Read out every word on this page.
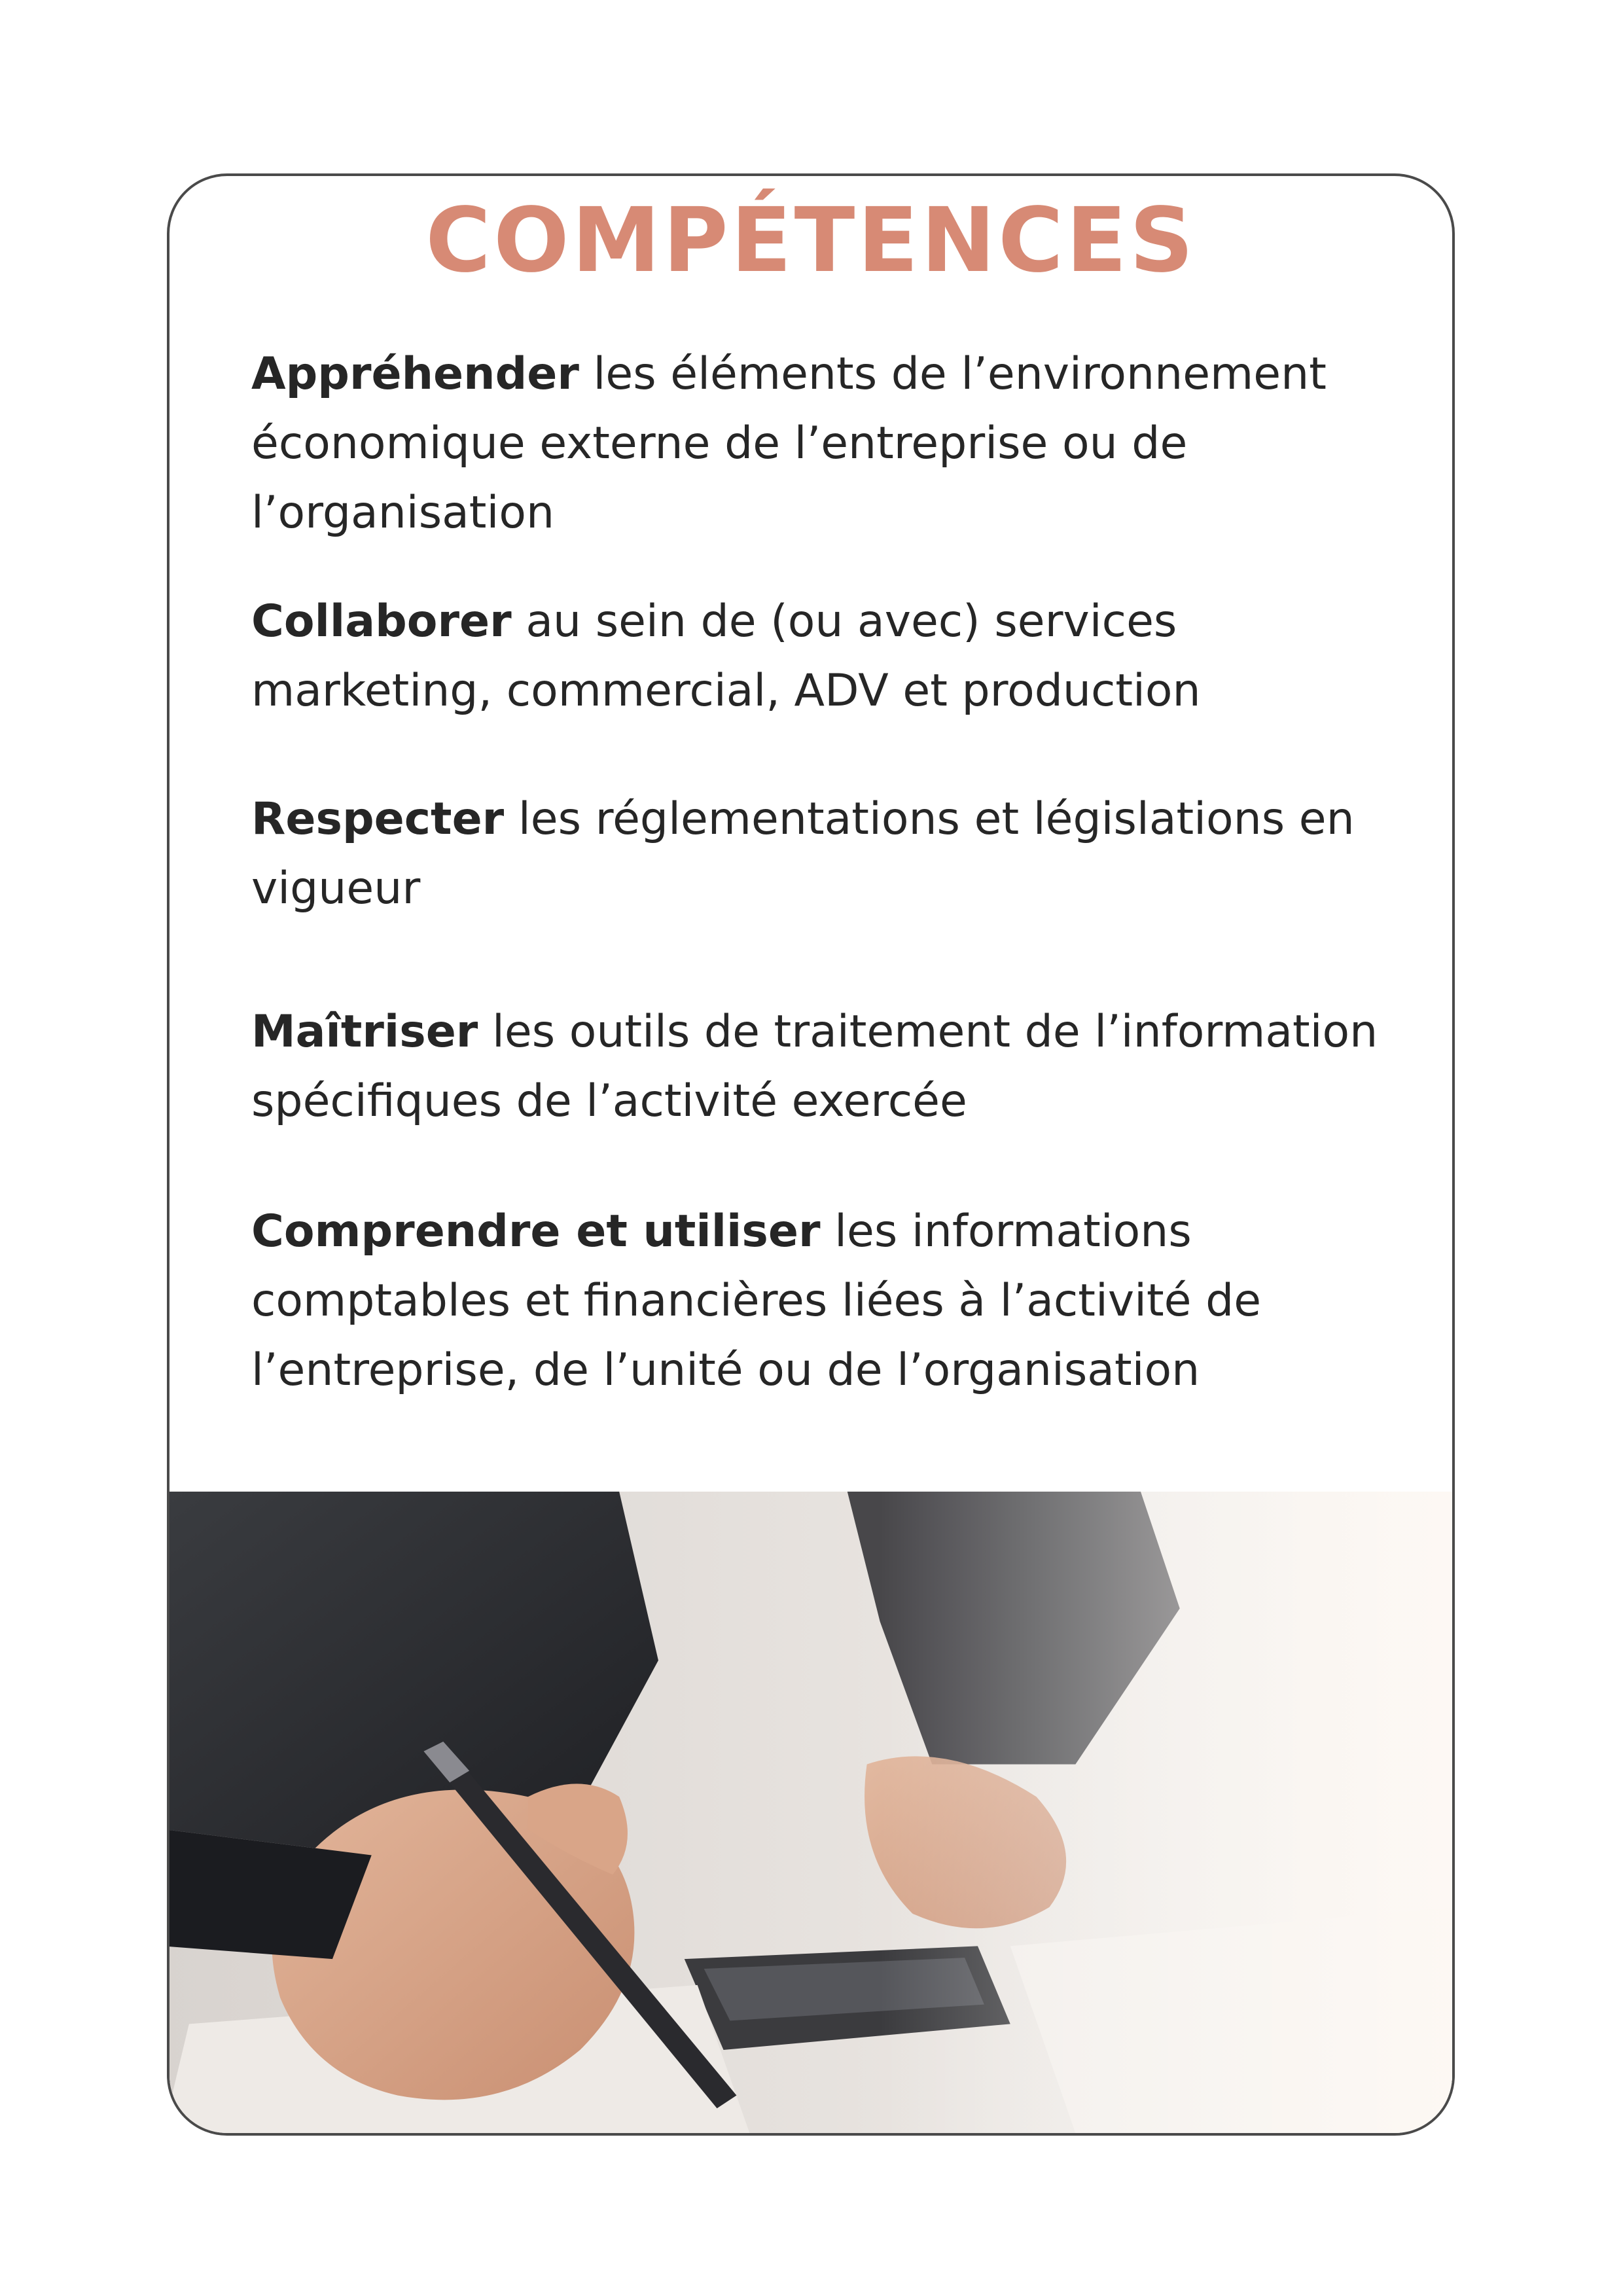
COMPÉTENCES

Appréhender les éléments de l’environnement économique externe de l’entreprise ou de l’organisation

Collaborer au sein de (ou avec) services marketing, commercial, ADV et production

Respecter les réglementations et législations en vigueur

Maîtriser les outils de traitement de l’information spécifiques de l’activité exercée

Comprendre et utiliser les informations comptables et financières liées à l’activité de l’entreprise, de l’unité ou de l’organisation
